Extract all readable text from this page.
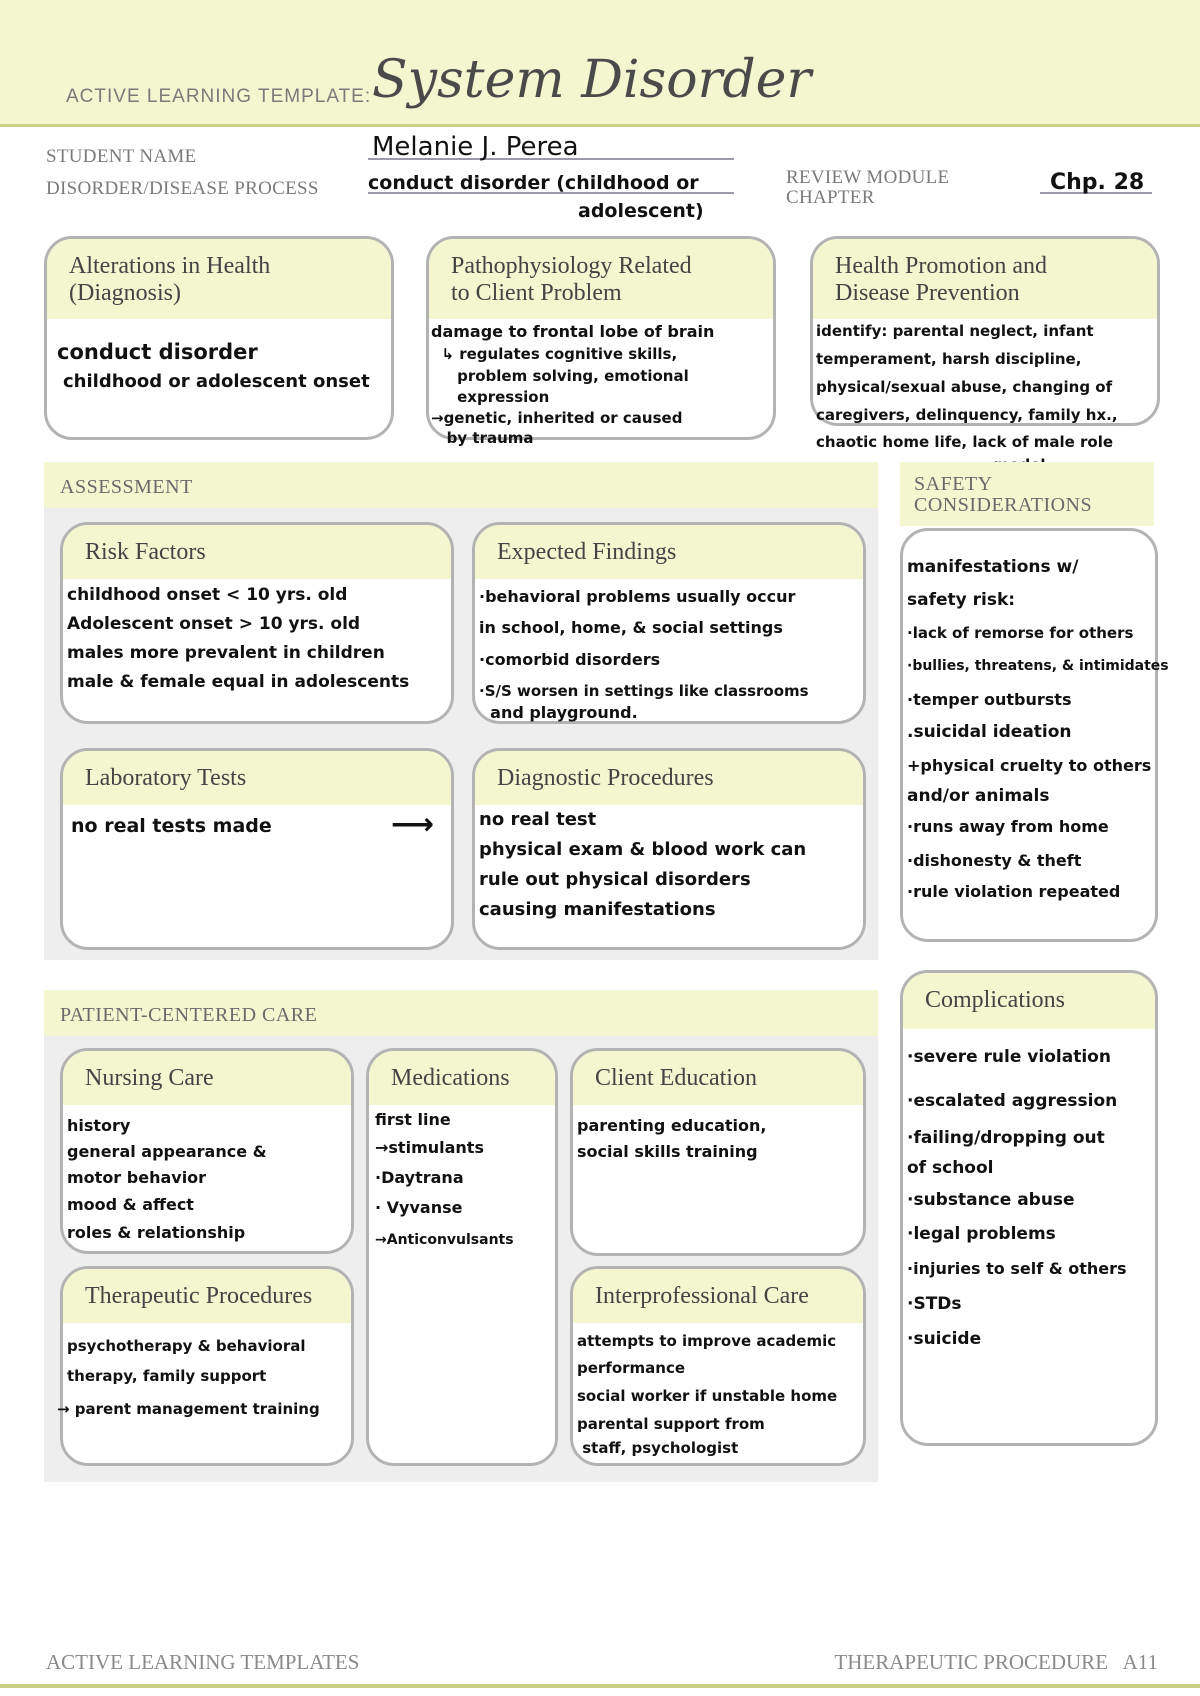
ACTIVE LEARNING TEMPLATE: System Disorder
STUDENT NAME	Melanie J. Perea
DISORDER/DISEASE PROCESS	conduct disorder (childhood or
adolescent)
REVIEW MODULE
CHAPTER
Chp. 28
Alterations in Health
(Diagnosis)
conduct disorder
childhood or adolescent onset
Pathophysiology Related
to Client Problem
damage to frontal lobe of brain
↳ regulates cognitive skills,
problem solving, emotional
expression
→genetic, inherited or caused
by trauma
Health Promotion and
Disease Prevention
identify: parental neglect, infant
temperament, harsh discipline,
physical/sexual abuse, changing of
caregivers, delinquency, family hx.,
chaotic home life, lack of male role
ASSESSMENT
Risk Factors
childhood onset < 10 yrs. old
Adolescent onset > 10 yrs. old
males more prevalent in children
male & female equal in adolescents
Expected Findings
·behavioral problems usually occur
in school, home, & social settings
·comorbid disorders
·S/S worsen in settings like classrooms
and playground.
Laboratory Tests
no real tests made	⟶
Diagnostic Procedures
no real test
physical exam & blood work can
rule out physical disorders
causing manifestations
SAFETY
CONSIDERATIONS
manifestations w/
safety risk:
·lack of remorse for others
·bullies, threatens, & intimidates
·temper outbursts
.suicidal ideation
+physical cruelty to others
and/or animals
·runs away from home
·dishonesty & theft
·rule violation repeated
PATIENT-CENTERED CARE
Nursing Care
history
general appearance &
motor behavior
mood & affect
roles & relationship
Medications
first line
→stimulants
·Daytrana
· Vyvanse
→Anticonvulsants
Client Education
parenting education,
social skills training
Therapeutic Procedures
psychotherapy & behavioral
therapy, family support
→ parent management training
Interprofessional Care
attempts to improve academic
performance
social worker if unstable home
parental support from
staff, psychologist
Complications
·severe rule violation
·escalated aggression
·failing/dropping out
of school
·substance abuse
·legal problems
·injuries to self & others
·STDs
·suicide
ACTIVE LEARNING TEMPLATES	THERAPEUTIC PROCEDURE   A11
